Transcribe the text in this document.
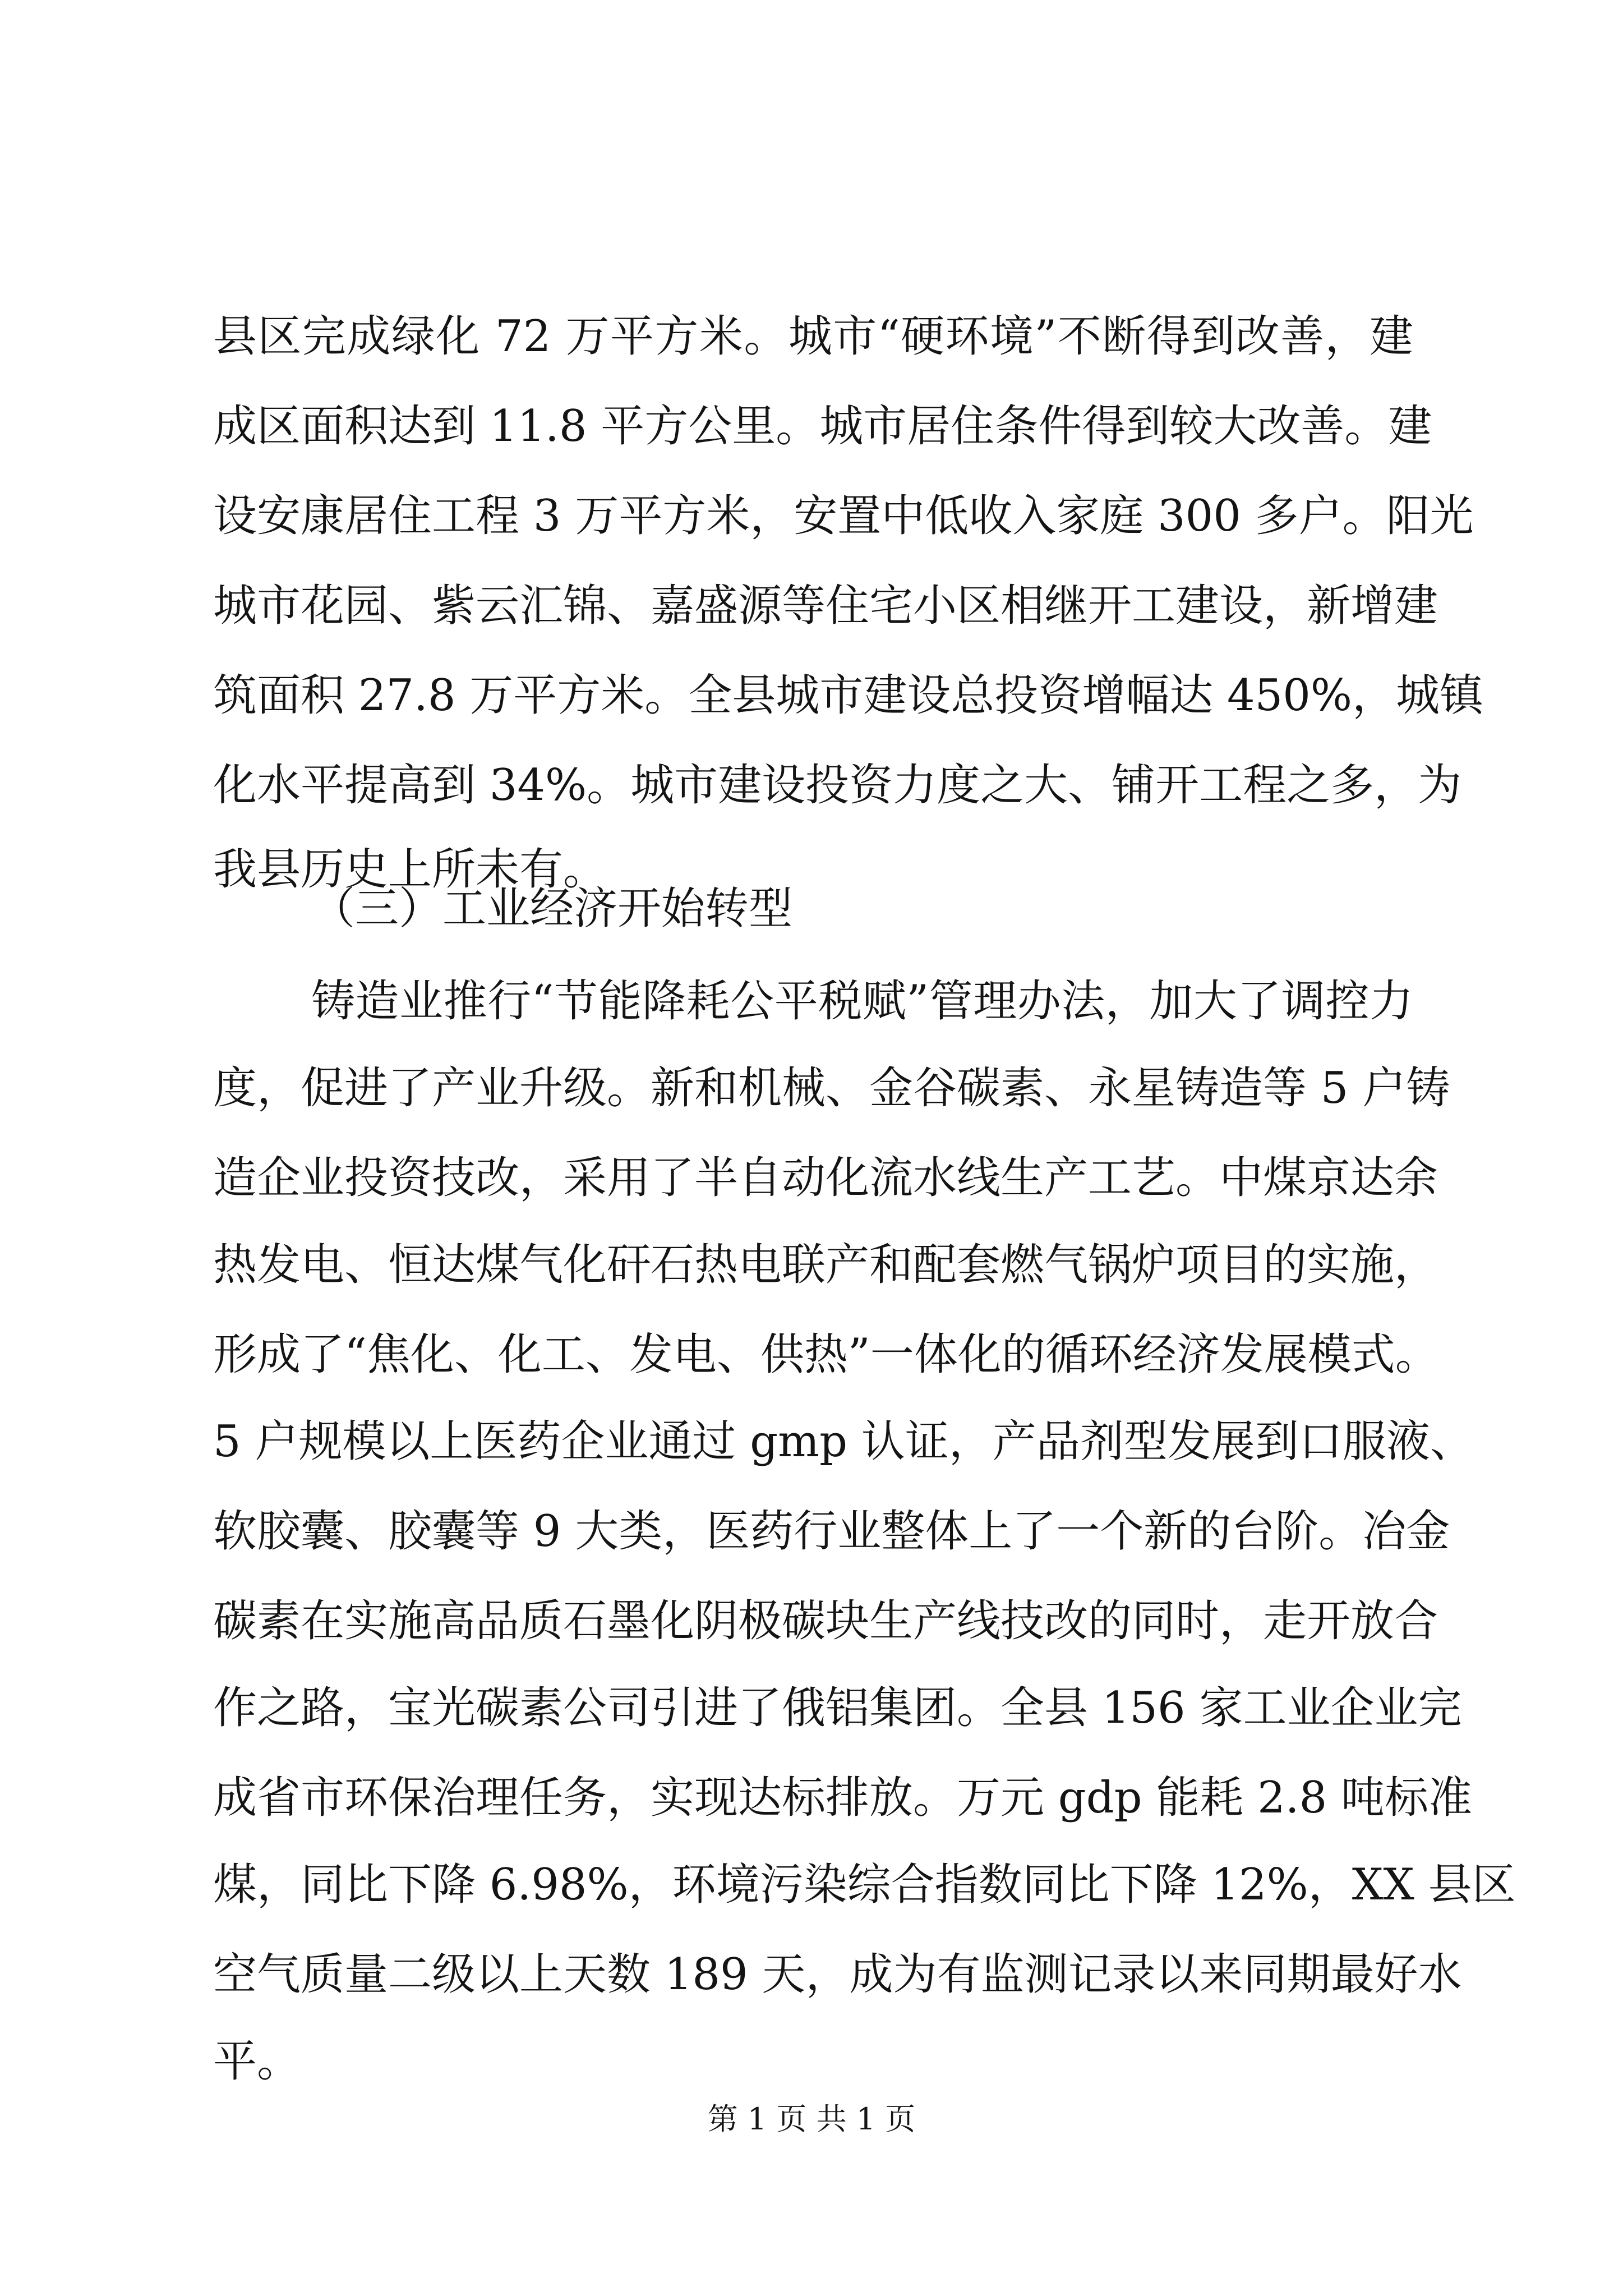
县区完成绿化 72 万平方米。城市“硬环境”不断得到改善，建
成区面积达到 11.8 平方公里。城市居住条件得到较大改善。建
设安康居住工程 3 万平方米，安置中低收入家庭 300 多户。阳光
城市花园、紫云汇锦、嘉盛源等住宅小区相继开工建设，新增建
筑面积 27.8 万平方米。全县城市建设总投资增幅达 450%，城镇
化水平提高到 34%。城市建设投资力度之大、铺开工程之多，为
我县历史上所未有。
（三）工业经济开始转型
铸造业推行“节能降耗公平税赋”管理办法，加大了调控力
度，促进了产业升级。新和机械、金谷碳素、永星铸造等 5 户铸
造企业投资技改，采用了半自动化流水线生产工艺。中煤京达余
热发电、恒达煤气化矸石热电联产和配套燃气锅炉项目的实施，
形成了“焦化、化工、发电、供热”一体化的循环经济发展模式。
5 户规模以上医药企业通过 gmp 认证，产品剂型发展到口服液、
软胶囊、胶囊等 9 大类，医药行业整体上了一个新的台阶。冶金
碳素在实施高品质石墨化阴极碳块生产线技改的同时，走开放合
作之路，宝光碳素公司引进了俄铝集团。全县 156 家工业企业完
成省市环保治理任务，实现达标排放。万元 gdp 能耗 2.8 吨标准
煤，同比下降 6.98%，环境污染综合指数同比下降 12%，XX 县区
空气质量二级以上天数 189 天，成为有监测记录以来同期最好水
平。
第 1 页 共 1 页
